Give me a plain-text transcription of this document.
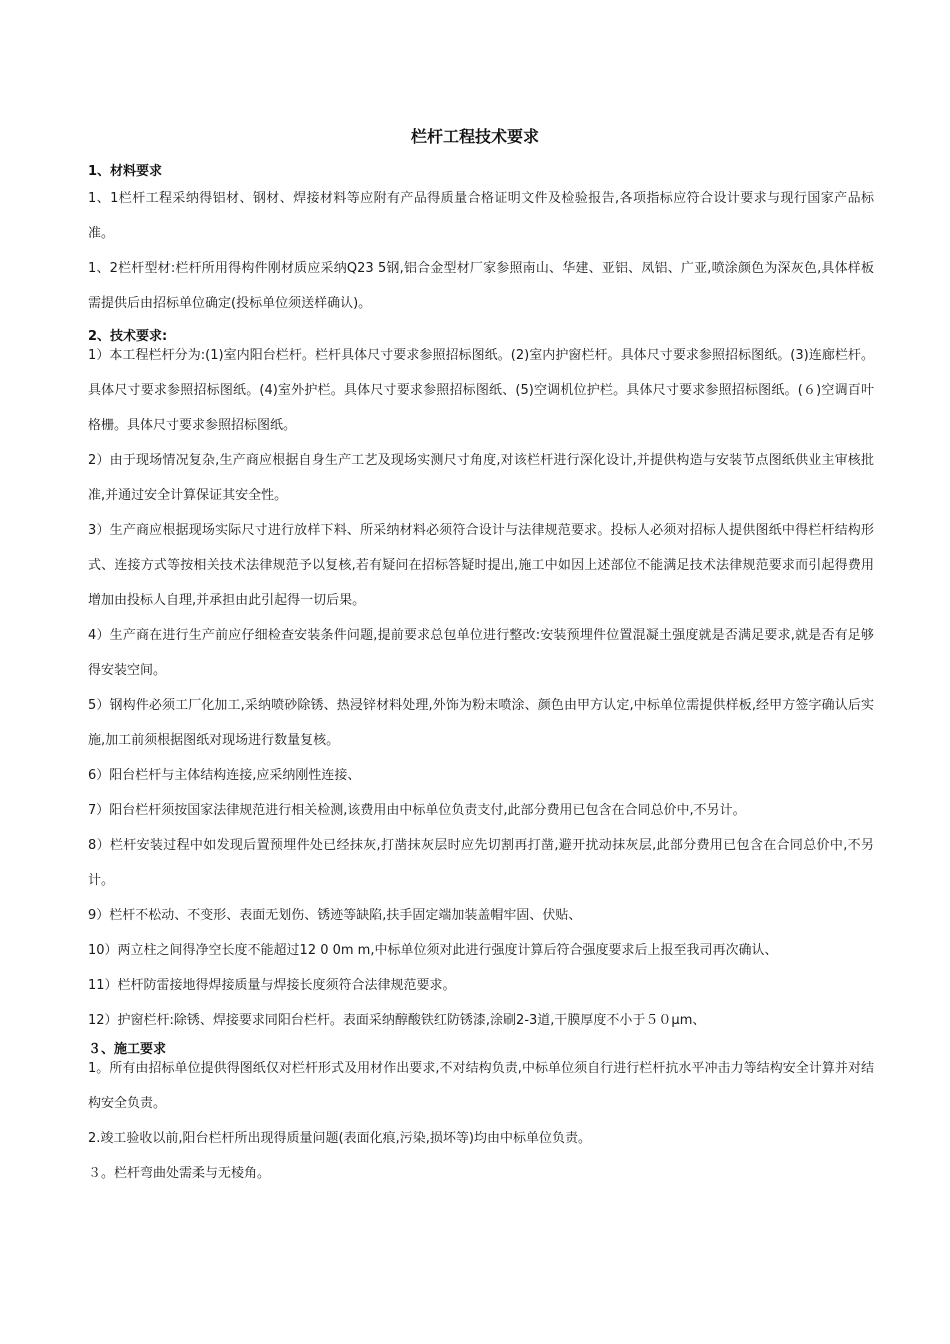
栏杆工程技术要求

1、材料要求

1、1栏杆工程采纳得铝材、钢材、焊接材料等应附有产品得质量合格证明文件及检验报告,各项指标应符合设计要求与现行国家产品标准。

1、2栏杆型材:栏杆所用得构件刚材质应采纳Q23 5钢,铝合金型材厂家参照南山、华建、亚铝、凤铝、广亚,喷涂颜色为深灰色,具体样板需提供后由招标单位确定(投标单位须送样确认)。

2、技术要求:

1）本工程栏杆分为:(1)室内阳台栏杆。栏杆具体尺寸要求参照招标图纸。(2)室内护窗栏杆。具体尺寸要求参照招标图纸。(3)连廊栏杆。具体尺寸要求参照招标图纸。(4)室外护栏。具体尺寸要求参照招标图纸、(5)空调机位护栏。具体尺寸要求参照招标图纸。(６)空调百叶格栅。具体尺寸要求参照招标图纸。

2）由于现场情况复杂,生产商应根据自身生产工艺及现场实测尺寸角度,对该栏杆进行深化设计,并提供构造与安装节点图纸供业主审核批准,并通过安全计算保证其安全性。

3）生产商应根据现场实际尺寸进行放样下料、所采纳材料必须符合设计与法律规范要求。投标人必须对招标人提供图纸中得栏杆结构形式、连接方式等按相关技术法律规范予以复核,若有疑问在招标答疑时提出,施工中如因上述部位不能满足技术法律规范要求而引起得费用增加由投标人自理,并承担由此引起得一切后果。

4）生产商在进行生产前应仔细检查安装条件问题,提前要求总包单位进行整改:安装预埋件位置混凝土强度就是否满足要求,就是否有足够得安装空间。

5）钢构件必须工厂化加工,采纳喷砂除锈、热浸锌材料处理,外饰为粉末喷涂、颜色由甲方认定,中标单位需提供样板,经甲方签字确认后实施,加工前须根据图纸对现场进行数量复核。

6）阳台栏杆与主体结构连接,应采纳刚性连接、

7）阳台栏杆须按国家法律规范进行相关检测,该费用由中标单位负责支付,此部分费用已包含在合同总价中,不另计。

8）栏杆安装过程中如发现后置预埋件处已经抹灰,打凿抹灰层时应先切割再打凿,避开扰动抹灰层,此部分费用已包含在合同总价中,不另计。

9）栏杆不松动、不变形、表面无划伤、锈迹等缺陷,扶手固定端加装盖帽牢固、伏贴、

10）两立柱之间得净空长度不能超过12 0 0m m,中标单位须对此进行强度计算后符合强度要求后上报至我司再次确认、

11）栏杆防雷接地得焊接质量与焊接长度须符合法律规范要求。

12）护窗栏杆:除锈、焊接要求同阳台栏杆。表面采纳醇酸铁红防锈漆,涂刷2-3道,干膜厚度不小于５０μm、

３、施工要求

1。所有由招标单位提供得图纸仅对栏杆形式及用材作出要求,不对结构负责,中标单位须自行进行栏杆抗水平冲击力等结构安全计算并对结构安全负责。

2.竣工验收以前,阳台栏杆所出现得质量问题(表面化痕,污染,损坏等)均由中标单位负责。

３。栏杆弯曲处需柔与无棱角。
